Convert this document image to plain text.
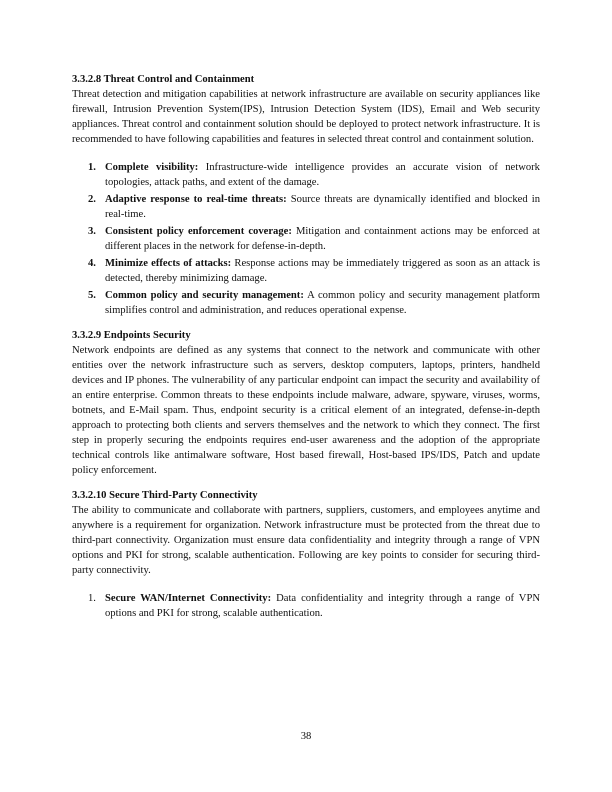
3.3.2.8 Threat Control and Containment

Threat detection and mitigation capabilities at network infrastructure are available on security appliances like firewall, Intrusion Prevention System(IPS), Intrusion Detection System (IDS), Email and Web security appliances. Threat control and containment solution should be deployed to protect network infrastructure. It is recommended to have following capabilities and features in selected threat control and containment solution.

1. Complete visibility: Infrastructure-wide intelligence provides an accurate vision of network topologies, attack paths, and extent of the damage.
2. Adaptive response to real-time threats: Source threats are dynamically identified and blocked in real-time.
3. Consistent policy enforcement coverage: Mitigation and containment actions may be enforced at different places in the network for defense-in-depth.
4. Minimize effects of attacks: Response actions may be immediately triggered as soon as an attack is detected, thereby minimizing damage.
5. Common policy and security management: A common policy and security management platform simplifies control and administration, and reduces operational expense.
3.3.2.9 Endpoints Security

Network endpoints are defined as any systems that connect to the network and communicate with other entities over the network infrastructure such as servers, desktop computers, laptops, printers, handheld devices and IP phones. The vulnerability of any particular endpoint can impact the security and availability of an entire enterprise. Common threats to these endpoints include malware, adware, spyware, viruses, worms, botnets, and E-Mail spam. Thus, endpoint security is a critical element of an integrated, defense-in-depth approach to protecting both clients and servers themselves and the network to which they connect. The first step in properly securing the endpoints requires end-user awareness and the adoption of the appropriate technical controls like antimalware software, Host based firewall, Host-based IPS/IDS, Patch and update policy enforcement.

3.3.2.10 Secure Third-Party Connectivity

The ability to communicate and collaborate with partners, suppliers, customers, and employees anytime and anywhere is a requirement for organization. Network infrastructure must be protected from the threat due to third-part connectivity. Organization must ensure data confidentiality and integrity through a range of VPN options and PKI for strong, scalable authentication. Following are key points to consider for securing third-party connectivity.

1. Secure WAN/Internet Connectivity: Data confidentiality and integrity through a range of VPN options and PKI for strong, scalable authentication.
38
